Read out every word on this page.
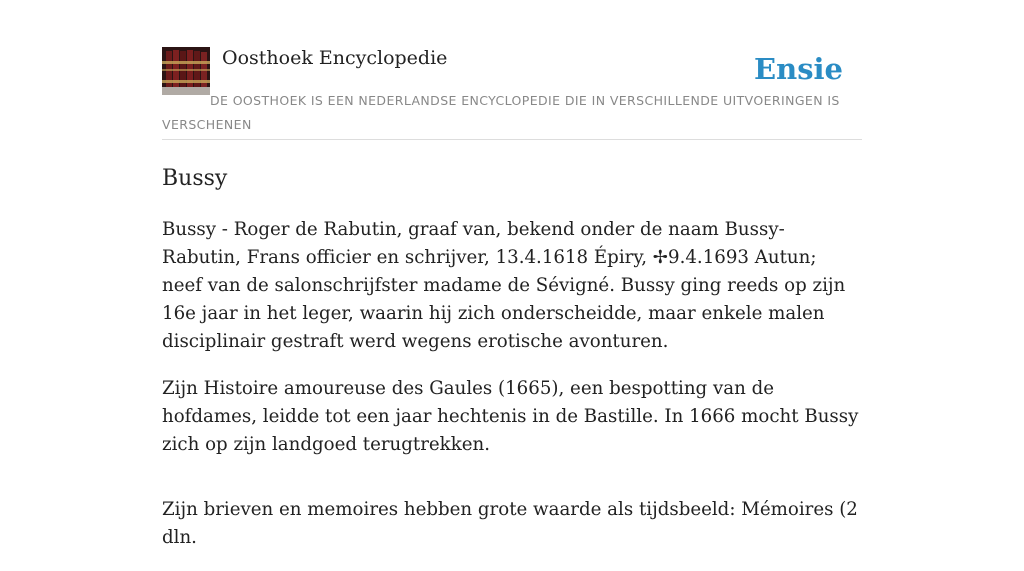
Oosthoek Encyclopedie	Ensie
DE OOSTHOEK IS EEN NEDERLANDSE ENCYCLOPEDIE DIE IN VERSCHILLENDE UITVOERINGEN IS VERSCHENEN
Bussy

Bussy - Roger de Rabutin, graaf van, bekend onder de naam Bussy-Rabutin, Frans officier en schrijver, 13.4.1618 Épiry, ✢9.4.1693 Autun; neef van de salonschrijfster madame de Sévigné. Bussy ging reeds op zijn 16e jaar in het leger, waarin hij zich onderscheidde, maar enkele malen disciplinair gestraft werd wegens erotische avonturen.

Zijn Histoire amoureuse des Gaules (1665), een bespotting van de hofdames, leidde tot een jaar hechtenis in de Bastille. In 1666 mocht Bussy zich op zijn landgoed terugtrekken.

Zijn brieven en memoires hebben grote waarde als tijdsbeeld: Mémoires (2 dln.
